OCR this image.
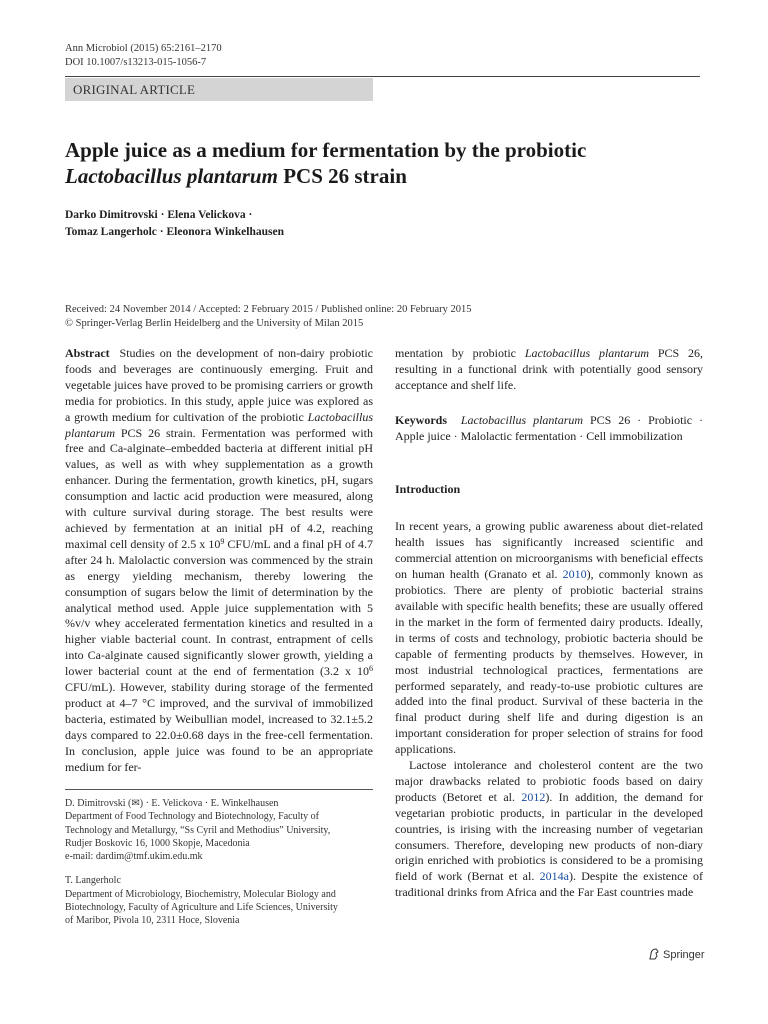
Ann Microbiol (2015) 65:2161–2170
DOI 10.1007/s13213-015-1056-7
ORIGINAL ARTICLE
Apple juice as a medium for fermentation by the probiotic
Lactobacillus plantarum PCS 26 strain
Darko Dimitrovski · Elena Velickova ·
Tomaz Langerholc · Eleonora Winkelhausen
Received: 24 November 2014 / Accepted: 2 February 2015 / Published online: 20 February 2015
© Springer-Verlag Berlin Heidelberg and the University of Milan 2015
Abstract Studies on the development of non-dairy probiotic foods and beverages are continuously emerging. Fruit and vegetable juices have proved to be promising carriers or growth media for probiotics. In this study, apple juice was explored as a growth medium for cultivation of the probiotic Lactobacillus plantarum PCS 26 strain. Fermentation was performed with free and Ca-alginate–embedded bacteria at different initial pH values, as well as with whey supplementation as a growth enhancer. During the fermentation, growth kinetics, pH, sugars consumption and lactic acid production were measured, along with culture survival during storage. The best results were achieved by fermentation at an initial pH of 4.2, reaching maximal cell density of 2.5 x $10^9$ CFU/mL and a final pH of 4.7 after 24 h. Malolactic conversion was commenced by the strain as energy yielding mechanism, thereby lowering the consumption of sugars below the limit of determination by the analytical method used. Apple juice supplementation with 5 %v/v whey accelerated fermentation kinetics and resulted in a higher viable bacterial count. In contrast, entrapment of cells into Ca-alginate caused significantly slower growth, yielding a lower bacterial count at the end of fermentation (3.2 x $10^6$ CFU/mL). However, stability during storage of the fermented product at 4–7 °C improved, and the survival of immobilized bacteria, estimated by Weibullian model, increased to 32.1±5.2 days compared to 22.0±0.68 days in the free-cell fermentation. In conclusion, apple juice was found to be an appropriate medium for fer-
D. Dimitrovski (✉) · E. Velickova · E. Winkelhausen
Department of Food Technology and Biotechnology, Faculty of
Technology and Metallurgy, “Ss Cyril and Methodius” University,
Rudjer Boskovic 16, 1000 Skopje, Macedonia
e-mail: dardim@tmf.ukim.edu.mk
T. Langerholc
Department of Microbiology, Biochemistry, Molecular Biology and
Biotechnology, Faculty of Agriculture and Life Sciences, University
of Maribor, Pivola 10, 2311 Hoce, Slovenia
mentation by probiotic Lactobacillus plantarum PCS 26, resulting in a functional drink with potentially good sensory acceptance and shelf life.
Keywords Lactobacillus plantarum PCS 26 · Probiotic · Apple juice · Malolactic fermentation · Cell immobilization
Introduction
In recent years, a growing public awareness about diet-related health issues has significantly increased scientific and commercial attention on microorganisms with beneficial effects on human health (Granato et al. 2010), commonly known as probiotics. There are plenty of probiotic bacterial strains available with specific health benefits; these are usually offered in the market in the form of fermented dairy products. Ideally, in terms of costs and technology, probiotic bacteria should be capable of fermenting products by themselves. However, in most industrial technological practices, fermentations are performed separately, and ready-to-use probiotic cultures are added into the final product. Survival of these bacteria in the final product during shelf life and during digestion is an important consideration for proper selection of strains for food applications.
Lactose intolerance and cholesterol content are the two major drawbacks related to probiotic foods based on dairy products (Betoret et al. 2012). In addition, the demand for vegetarian probiotic products, in particular in the developed countries, is irising with the increasing number of vegetarian consumers. Therefore, developing new products of non-diary origin enriched with probiotics is considered to be a promising field of work (Bernat et al. 2014a). Despite the existence of traditional drinks from Africa and the Far East countries made
Springer
